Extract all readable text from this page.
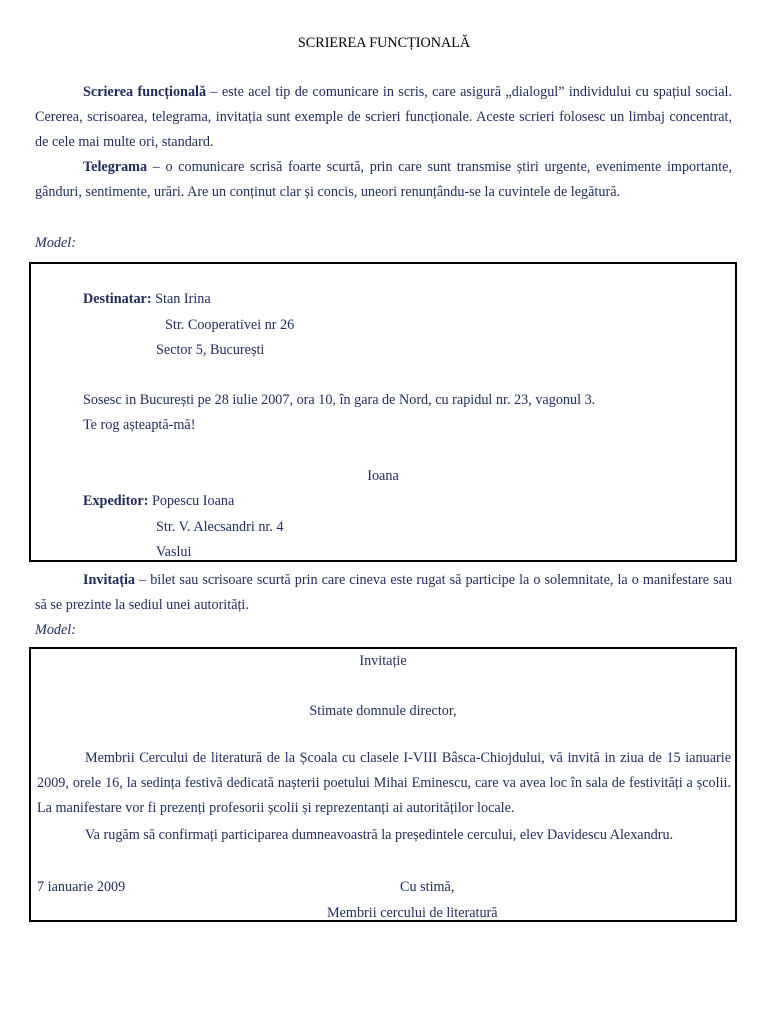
SCRIEREA FUNCȚIONALĂ
Scrierea funcțională – este acel tip de comunicare in scris, care asigură „dialogul” individului cu spațiul social. Cererea, scrisoarea, telegrama, invitația sunt exemple de scrieri funcționale. Aceste scrieri folosesc un limbaj concentrat, de cele mai multe ori, standard.
Telegrama – o comunicare scrisă foarte scurtă, prin care sunt transmise știri urgente, evenimente importante, gânduri, sentimente, urări. Are un conținut clar și concis, uneori renunțându-se la cuvintele de legătură.
Model:
Destinatar: Stan Irina
Str. Cooperativei nr 26
Sector 5, București
Sosesc in București pe 28 iulie 2007, ora 10, în gara de Nord, cu rapidul nr. 23, vagonul 3.
Te rog așteaptă-mă!
Ioana
Expeditor: Popescu Ioana
Str. V. Alecsandri nr. 4
Vaslui
Invitația – bilet sau scrisoare scurtă prin care cineva este rugat să participe la o solemnitate, la o manifestare sau să se prezinte la sediul unei autorități.
Model:
Invitație
Stimate domnule director,
Membrii Cercului de literatură de la Școala cu clasele I-VIII Bâsca-Chiojdului, vă invită in ziua de 15 ianuarie 2009, orele 16, la sedința festivă dedicată nașterii poetului Mihai Eminescu, care va avea loc în sala de festivități a școlii. La manifestare vor fi prezenți profesorii școlii și reprezentanți ai autorităților locale.
Va rugăm să confirmați participarea dumneavoastră la președintele cercului, elev Davidescu Alexandru.
7 ianuarie 2009	Cu stimă,
Membrii cercului de literatură
